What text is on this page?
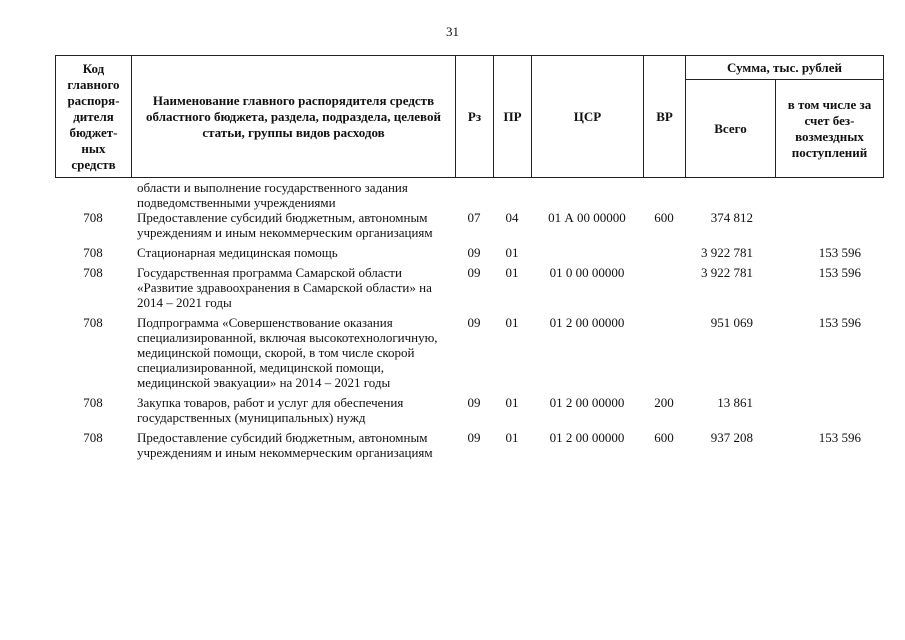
31
Код главного распоря-дителя бюджет-ных средств	Наименование главного распорядителя средств областного бюджета, раздела, подраздела, целевой статьи, группы видов расходов	Рз	ПР	ЦСР	ВР	Сумма, тыс. рублей	
						Всего	в том числе за счет без-возмездных поступлений
	области и выполнение государственного задания подведомственными учреждениями						
708	Предоставление субсидий бюджетным, автономным учреждениям и иным некоммерческим организациям	07	04	01 А 00 00000	600	374 812	
708	Стационарная медицинская помощь	09	01			3 922 781	153 596
708	Государственная программа Самарской области «Развитие здравоохранения в Самарской области» на 2014 – 2021 годы	09	01	01 0 00 00000		3 922 781	153 596
708	Подпрограмма «Совершенствование оказания специализированной, включая высокотехнологичную, медицинской помощи, скорой, в том числе скорой специализированной, медицинской помощи, медицинской эвакуации» на 2014 – 2021 годы	09	01	01 2 00 00000		951 069	153 596
708	Закупка товаров, работ и услуг для обеспечения государственных (муниципальных) нужд	09	01	01 2 00 00000	200	13 861	
708	Предоставление субсидий бюджетным, автономным учреждениям и иным некоммерческим организациям	09	01	01 2 00 00000	600	937 208	153 596
